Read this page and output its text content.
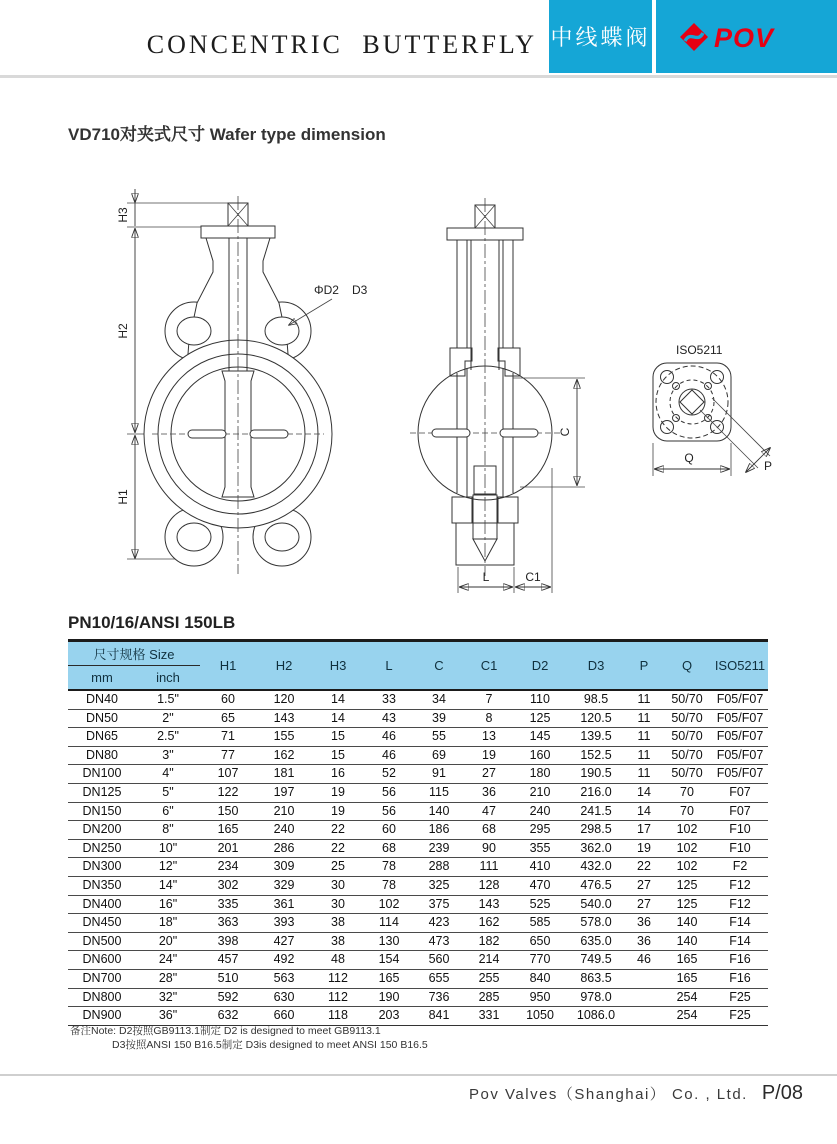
CONCENTRIC BUTTERFLY 中线蝶阀 POV
VD710对夹式尺寸 Wafer type dimension
H3
H2
H1
ΦD2 D3
C
L	C1
ISO5211
P
Q
PN10/16/ANSI 150LB
尺寸规格 Size		H1	H2	H3	L	C	C1	D2	D3	P	Q	ISO5211
mm	inch											
DN40	1.5"	60	120	14	33	34	7	110	98.5	11	50/70	F05/F07
DN50	2"	65	143	14	43	39	8	125	120.5	11	50/70	F05/F07
DN65	2.5"	71	155	15	46	55	13	145	139.5	11	50/70	F05/F07
DN80	3"	77	162	15	46	69	19	160	152.5	11	50/70	F05/F07
DN100	4"	107	181	16	52	91	27	180	190.5	11	50/70	F05/F07
DN125	5"	122	197	19	56	115	36	210	216.0	14	70	F07
DN150	6"	150	210	19	56	140	47	240	241.5	14	70	F07
DN200	8"	165	240	22	60	186	68	295	298.5	17	102	F10
DN250	10"	201	286	22	68	239	90	355	362.0	19	102	F10
DN300	12"	234	309	25	78	288	111	410	432.0	22	102	F2
DN350	14"	302	329	30	78	325	128	470	476.5	27	125	F12
DN400	16"	335	361	30	102	375	143	525	540.0	27	125	F12
DN450	18"	363	393	38	114	423	162	585	578.0	36	140	F14
DN500	20"	398	427	38	130	473	182	650	635.0	36	140	F14
DN600	24"	457	492	48	154	560	214	770	749.5	46	165	F16
DN700	28"	510	563	112	165	655	255	840	863.5		165	F16
DN800	32"	592	630	112	190	736	285	950	978.0		254	F25
DN900	36"	632	660	118	203	841	331	1050	1086.0		254	F25
备注Note: D2按照GB9113.1制定 D2 is designed to meet GB9113.1
D3按照ANSI 150 B16.5制定 D3is designed to meet ANSI 150 B16.5
Pov Valves（Shanghai） Co. , Ltd. P/08
